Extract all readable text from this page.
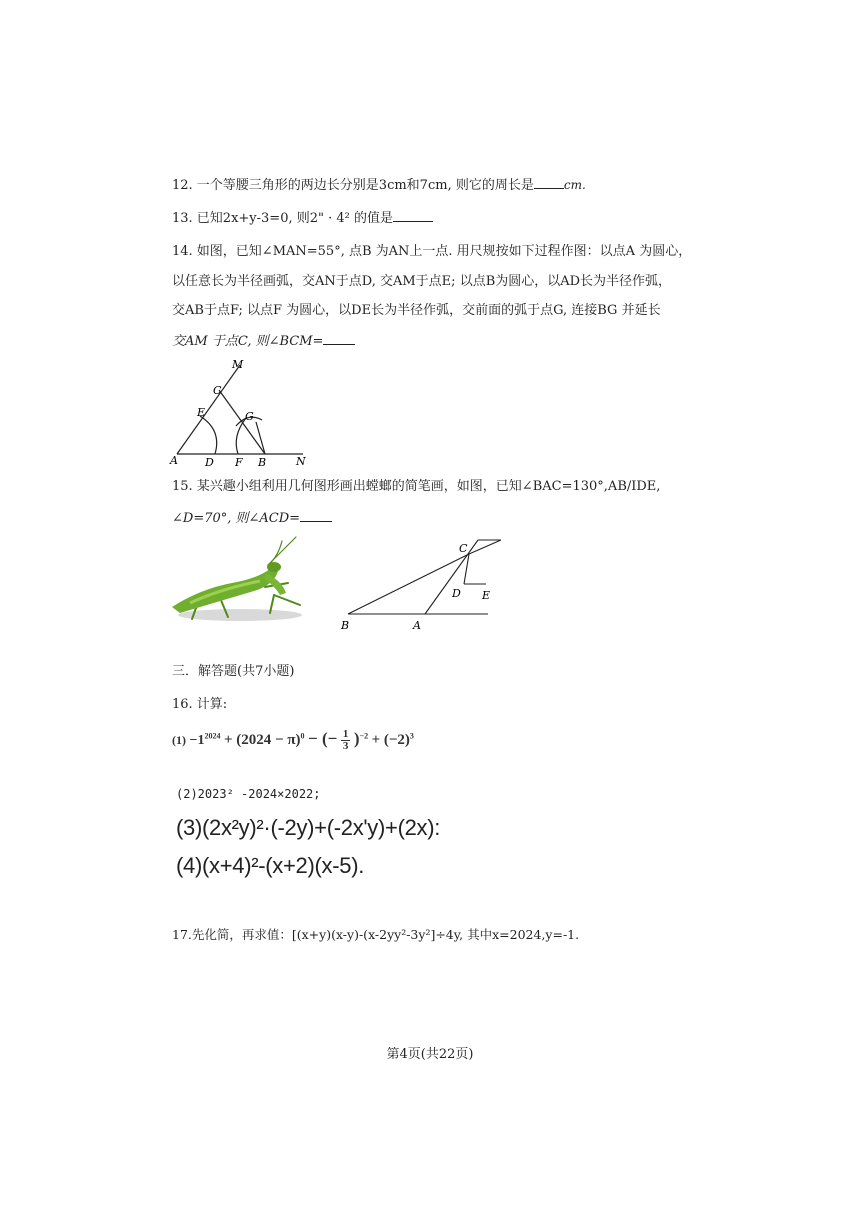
12. 一个等腰三角形的两边长分别是3cm和7cm, 则它的周长是	cm.
13. 已知2x+y-3=0, 则2" · 4² 的值是
14. 如图，已知∠MAN=55°, 点B 为AN上一点. 用尺规按如下过程作图：以点A 为圆心，
以任意长为半径画弧，交AN于点D, 交AM于点E; 以点B为圆心，以AD长为半径作弧，
交AB于点F; 以点F 为圆心，以DE长为半径作弧，交前面的弧于点G, 连接BG 并延长
交AM 于点C, 则∠BCM=
M
C
E	G
A D F B	N
15. 某兴趣小组利用几何图形画出螳螂的简笔画，如图，已知∠BAC=130°,AB/IDE,
∠D=70°, 则∠ACD=
C
D E
B	A
三．解答题(共7小题)
16. 计算:
$(1) -1^{2024} + (2024 - \pi)^0$ − (− $\frac{1}{3} )^{-2} + (-2)^3$
(2)2023² -2024×2022;
(3)(2x²y)²·(-2y)+(-2x'y)+(2x):
(4)(x+4)²-(x+2)(x-5).
17.先化简，再求值：[(x+y)(x-y)-(x-2yy²-3y²]÷4y, 其中x=2024,y=-1.
第4页(共22页)
